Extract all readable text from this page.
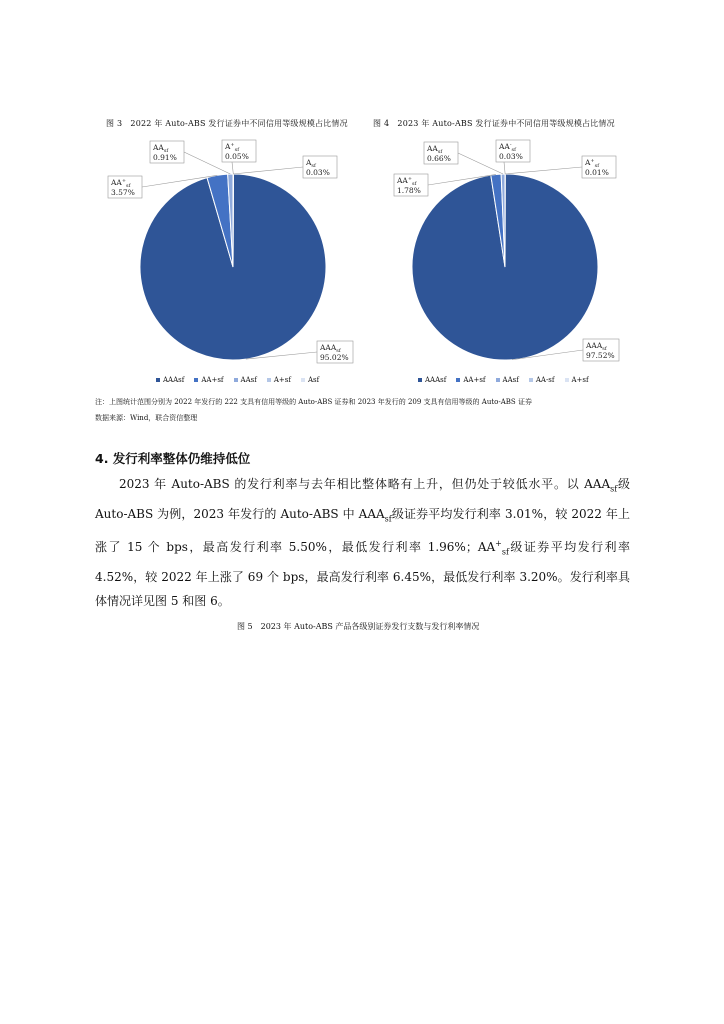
图 3　2022 年 Auto-ABS 发行证券中不同信用等级规模占比情况	图 4　2023 年 Auto-ABS 发行证券中不同信用等级规模占比情况
$AAA_{sf}$
95.02%
$AA^+_{sf}$
3.57%
$AA_{sf}$
0.91%
$A^+_{sf}$
0.05%
$A_{sf}$
0.03%
$AAA_{sf}$
97.52%
$AA^+_{sf}$
1.78%
$AA_{sf}$
0.66%
$AA^-_{sf}$
0.03%
$A^+_{sf}$
0.01%
AAAsf AA+sf AAsf A+sf Asf	AAAsf AA+sf AAsf AA-sf A+sf
注：上图统计范围分别为 2022 年发行的 222 支具有信用等级的 Auto-ABS 证券和 2023 年发行的 209 支具有信用等级的 Auto-ABS 证券
数据来源：Wind，联合资信整理
4. 发行利率整体仍维持低位

2023 年 Auto-ABS 的发行利率与去年相比整体略有上升，但仍处于较低水平。以 $AAA_{sf}$级 Auto-ABS 为例，2023 年发行的 Auto-ABS 中 $AAA_{sf}$级证券平均发行利率 3.01%，较 2022 年上涨了 15 个 bps，最高发行利率 5.50%，最低发行利率 1.96%；$AA^+_{sf}$级证券平均发行利率 4.52%，较 2022 年上涨了 69 个 bps，最高发行利率 6.45%，最低发行利率 3.20%。发行利率具体情况详见图 5 和图 6。

图 5　2023 年 Auto-ABS 产品各级别证券发行支数与发行利率情况
